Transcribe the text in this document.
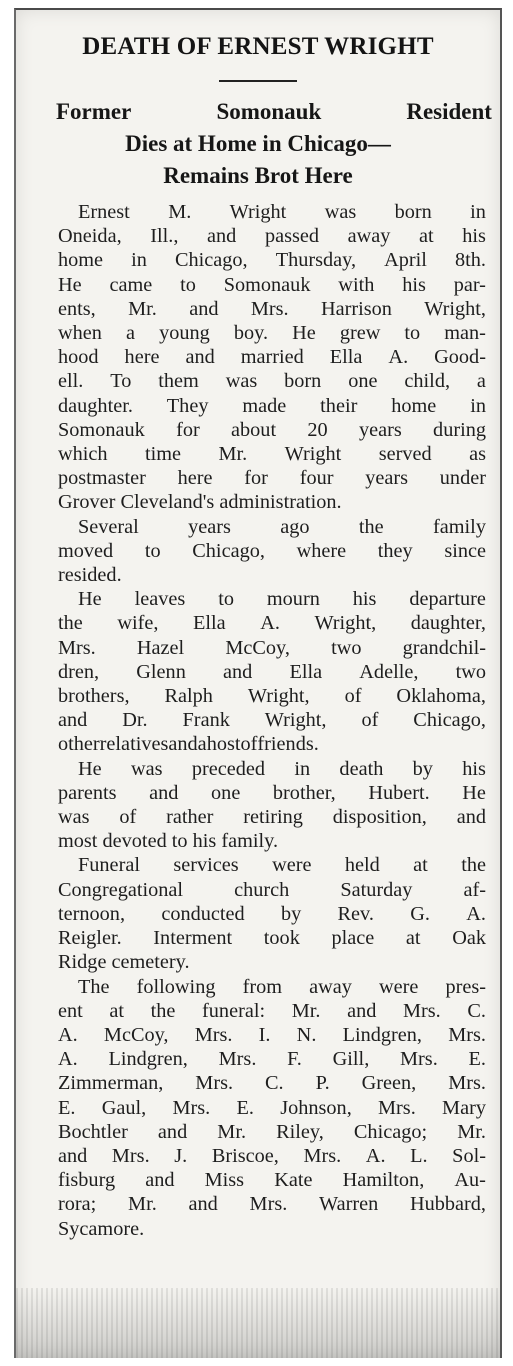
DEATH OF ERNEST WRIGHT
Former	Somonauk	Resident
Dies at Home in Chicago—
Remains Brot Here
Ernest M. Wright was born in
Oneida, Ill., and passed away at his
home in Chicago, Thursday, April 8th.
He came to Somonauk with his par-
ents, Mr. and Mrs. Harrison Wright,
when a young boy. He grew to man-
hood here and married Ella A. Good-
ell. To them was born one child, a
daughter. They made their home in
Somonauk for about 20 years during
which time Mr. Wright served as
postmaster here for four years under
Grover Cleveland's administration.
Several years ago the family
moved to Chicago, where they since
resided.
He leaves to mourn his departure
the wife, Ella A. Wright, daughter,
Mrs. Hazel McCoy, two grandchil-
dren, Glenn and Ella Adelle, two
brothers, Ralph Wright, of Oklahoma,
and Dr. Frank Wright, of Chicago,
other relatives and a host of friends.
He was preceded in death by his
parents and one brother, Hubert. He
was of rather retiring disposition, and
most devoted to his family.
Funeral services were held at the
Congregational	church	Saturday	af-
ternoon, conducted by Rev. G. A.
Reigler. Interment took place at Oak
Ridge cemetery.
The following from away were pres-
ent at the funeral: Mr. and Mrs. C.
A. McCoy, Mrs. I. N. Lindgren, Mrs.
A. Lindgren, Mrs. F. Gill, Mrs. E.
Zimmerman, Mrs. C. P. Green, Mrs.
E. Gaul, Mrs. E. Johnson, Mrs. Mary
Bochtler and Mr. Riley, Chicago; Mr.
and Mrs. J. Briscoe, Mrs. A. L. Sol-
fisburg and Miss Kate Hamilton, Au-
rora; Mr. and Mrs. Warren Hubbard,
Sycamore.
